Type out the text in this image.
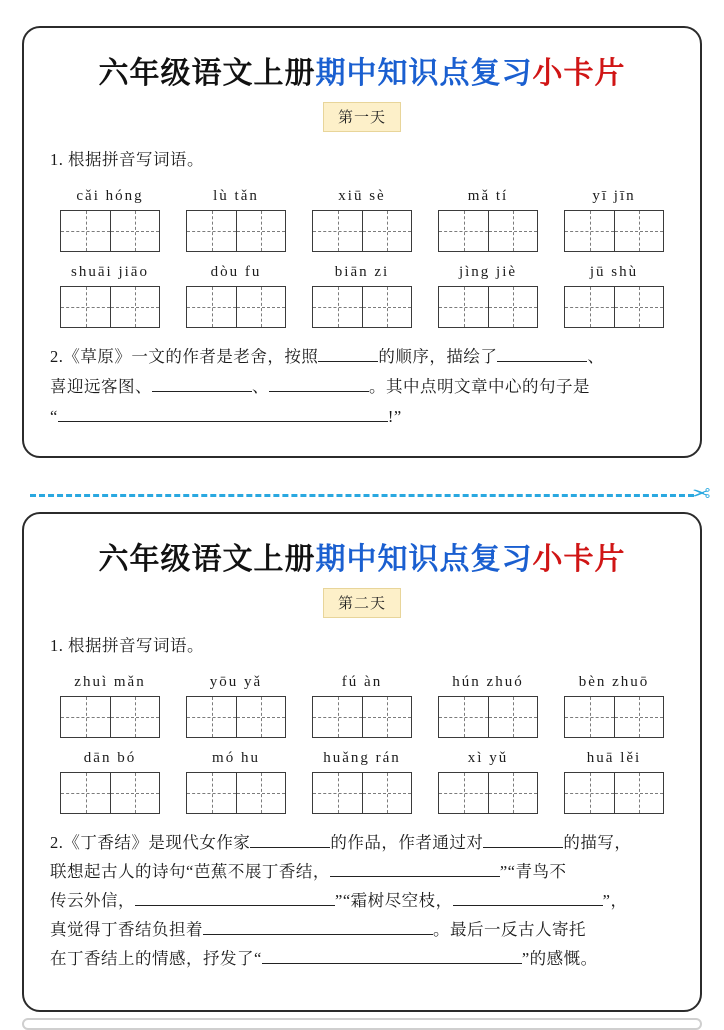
六年级语文上册期中知识点复习小卡片
第一天
1. 根据拼音写词语。
cǎi hóng	lù tǎn	xiū sè	mǎ tí	yī jīn
shuāi jiāo	dòu fu	biān zi	jìng jiè	jū shù
2.《草原》一文的作者是老舍，按照	的顺序，描绘了	、
喜迎远客图、	、	。其中点明文章中心的句子是
“	!”
✂
六年级语文上册期中知识点复习小卡片
第二天
1. 根据拼音写词语。
zhuì mǎn	yōu yǎ	fú àn	hún zhuó	bèn zhuō
dān bó	mó hu	huǎng rán	xì yǔ	huā lěi
2.《丁香结》是现代女作家	的作品，作者通过对	的描写，
联想起古人的诗句“芭蕉不展丁香结，	”“青鸟不
传云外信，	”“霜树尽空枝，	”，
真觉得丁香结负担着	。最后一反古人寄托
在丁香结上的情感，抒发了“	”的感慨。
